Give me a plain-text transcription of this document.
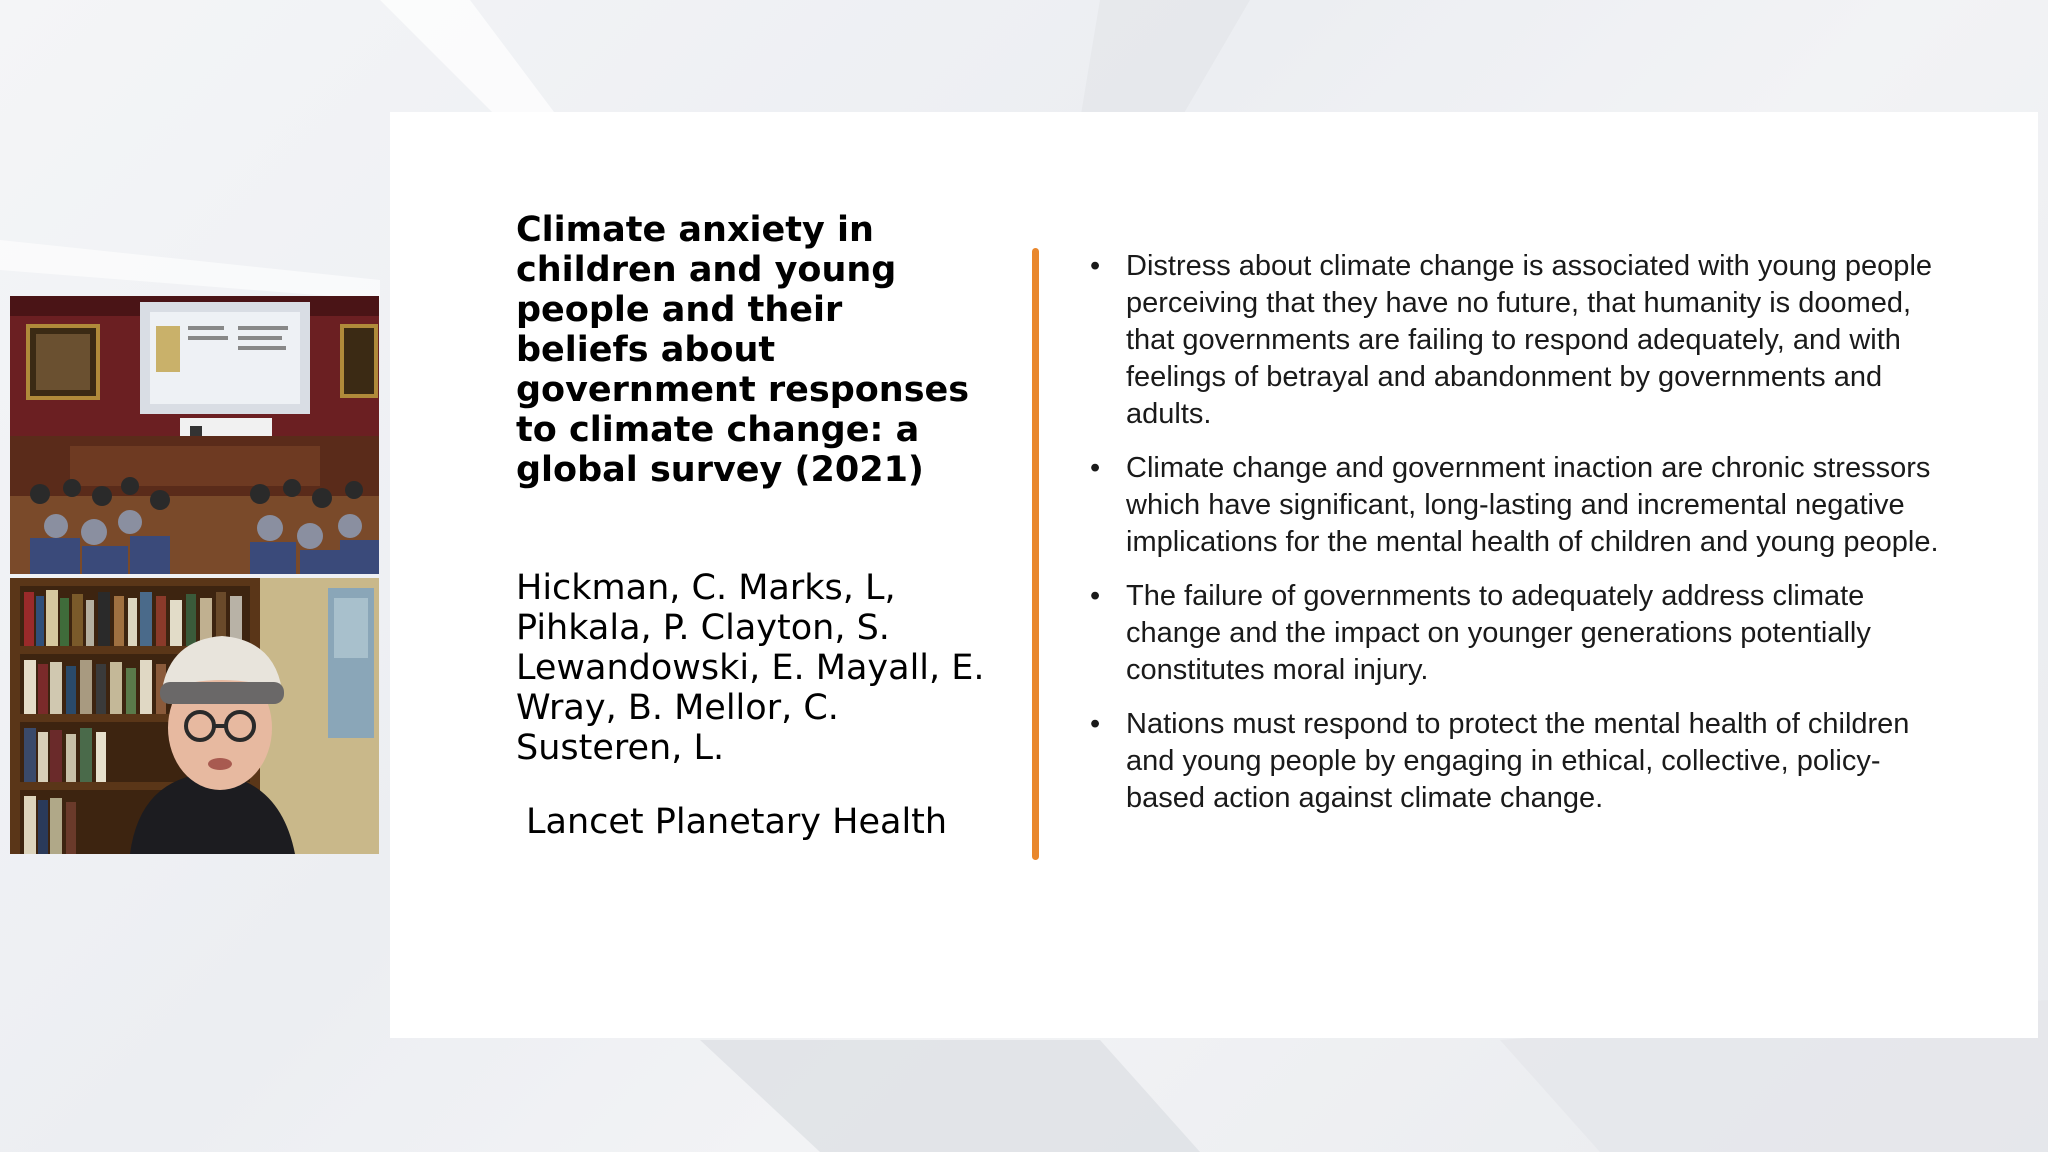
Climate anxiety in children and young people and their beliefs about government responses to climate change: a global survey (2021)

Hickman, C. Marks, L, Pihkala, P. Clayton, S. Lewandowski, E. Mayall, E. Wray, B. Mellor, C. Susteren, L.

Lancet Planetary Health

• Distress about climate change is associated with young people perceiving that they have no future, that humanity is doomed, that governments are failing to respond adequately, and with feelings of betrayal and abandonment by governments and adults.
• Climate change and government inaction are chronic stressors which have significant, long-lasting and incremental negative implications for the mental health of children and young people.
• The failure of governments to adequately address climate change and the impact on younger generations potentially constitutes moral injury.
• Nations must respond to protect the mental health of children and young people by engaging in ethical, collective, policy-based action against climate change.
